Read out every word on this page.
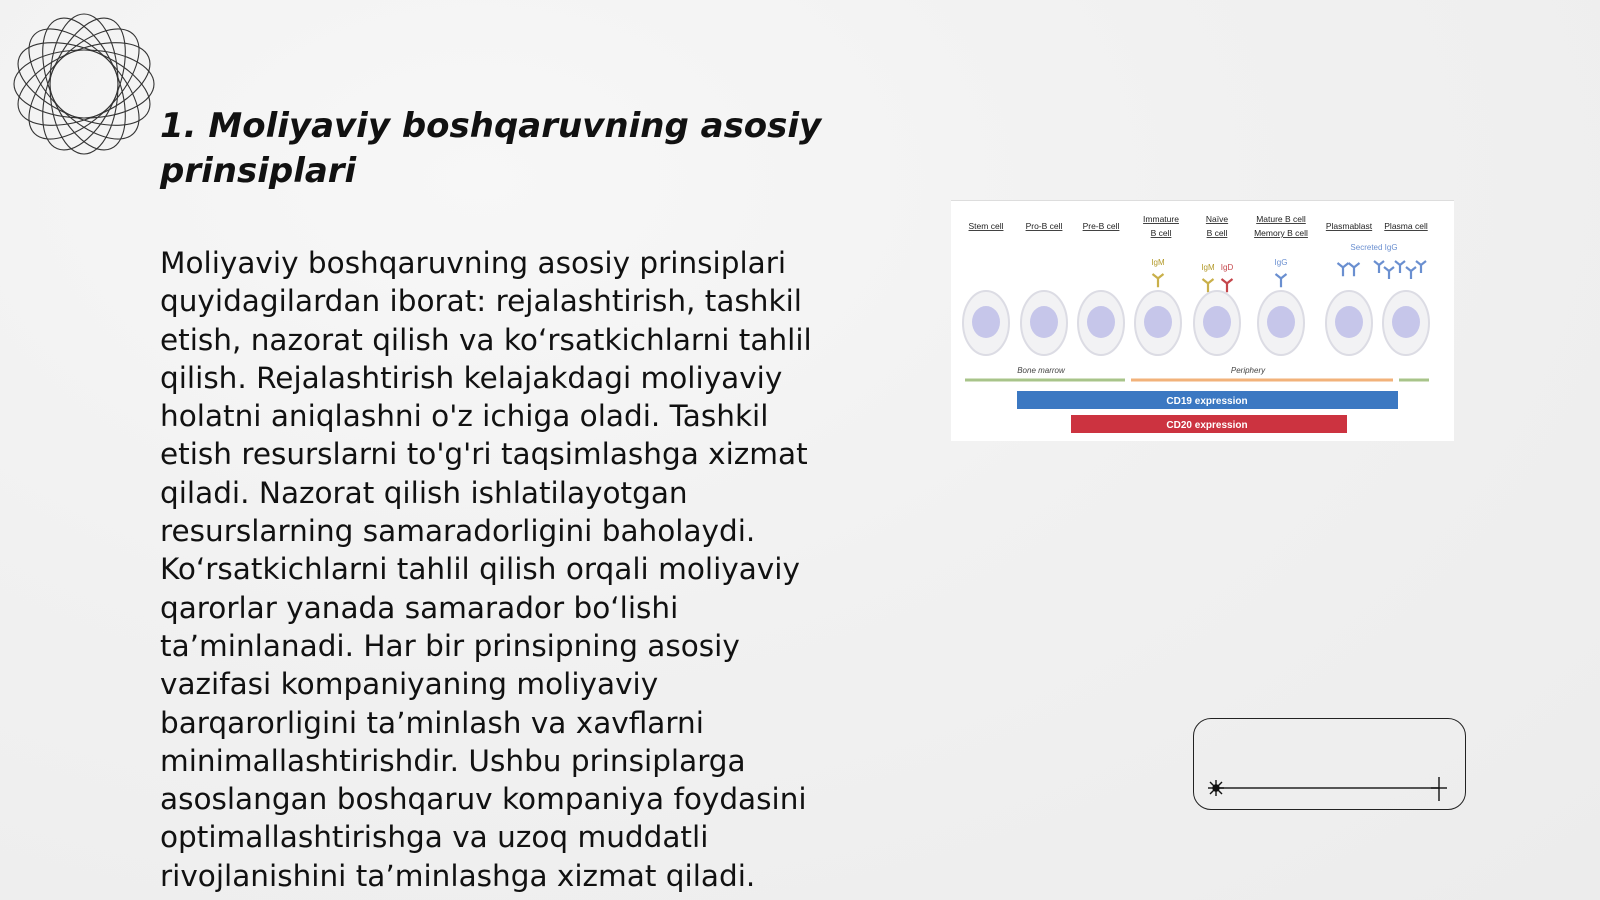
1. Moliyaviy boshqaruvning asosiy prinsiplari

Moliyaviy boshqaruvning asosiy prinsiplari quyidagilardan iborat: rejalashtirish, tashkil etish, nazorat qilish va ko‘rsatkichlarni tahlil qilish. Rejalashtirish kelajakdagi moliyaviy holatni aniqlashni o'z ichiga oladi. Tashkil etish resurslarni to'g'ri taqsimlashga xizmat qiladi. Nazorat qilish ishlatilayotgan resurslarning samaradorligini baholaydi. Ko‘rsatkichlarni tahlil qilish orqali moliyaviy qarorlar yanada samarador bo‘lishi ta’minlanadi. Har bir prinsipning asosiy vazifasi kompaniyaning moliyaviy barqarorligini ta’minlash va xavflarni minimallashtirishdir. Ushbu prinsiplarga asoslangan boshqaruv kompaniya foydasini optimallashtirishga va uzoq muddatli rivojlanishini ta’minlashga xizmat qiladi.

Stem cell	Pro-B cell Pre-B cell
Immature
B cell
Naïve
B cell
Mature B cell
Memory B cell
Plasmablast Plasma cell
Secreted IgG
IgM
IgM IgD
IgG
Bone marrow	Periphery
CD19 expression
CD20 expression
